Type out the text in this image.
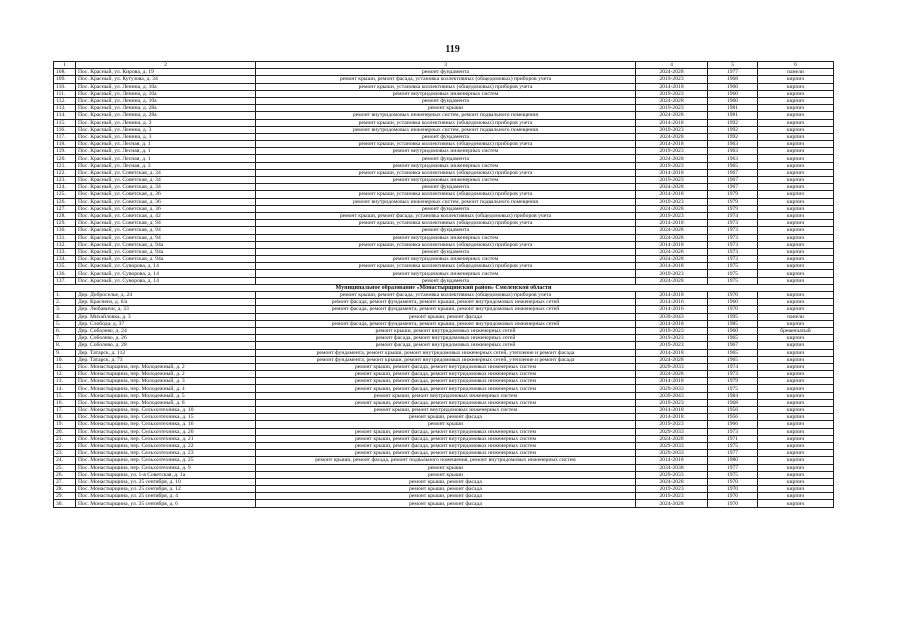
119
1	2	3	4	5	6
108.	Пос. Красный, ул. Кирова, д. 19	ремонт фундамента	2024-2028	1977	панели
109.	Пос. Красный, ул. Кутузова, д. 34	ремонт крыши, ремонт фасада, установка коллективных (общедомовых) приборов учета	2019-2023	1968	кирпич
110.	Пос. Красный, ул. Ленина, д. 10а	ремонт крыши, установка коллективных (общедомовых) приборов учета	2014-2018	1960	кирпич
111.	Пос. Красный, ул. Ленина, д. 10а	ремонт внутридомовых инженерных систем	2019-2023	1960	кирпич
112.	Пос. Красный, ул. Ленина, д. 10а	ремонт фундамента	2024-2028	1960	кирпич
113.	Пос. Красный, ул. Ленина, д. 28а	ремонт крыши	2019-2023	1981	кирпич
114.	Пос. Красный, ул. Ленина, д. 28а	ремонт внутридомовых инженерных систем, ремонт подвального помещения	2024-2028	1981	кирпич
115.	Пос. Красный, ул. Ленина, д. 3	ремонт крыши, установка коллективных (общедомовых) приборов учета	2014-2018	1992	кирпич
116.	Пос. Красный, ул. Ленина, д. 3	ремонт внутридомовых инженерных систем, ремонт подвального помещения	2019-2023	1992	кирпич
117.	Пос. Красный, ул. Ленина, д. 3	ремонт фундамента	2024-2028	1992	кирпич
118.	Пос. Красный, ул. Лесная, д. 1	ремонт крыши, установка коллективных (общедомовых) приборов учета	2014-2018	1963	кирпич
119.	Пос. Красный, ул. Лесная, д. 1	ремонт внутридомовых инженерных систем	2019-2023	1963	кирпич
120.	Пос. Красный, ул. Лесная, д. 1	ремонт фундамента	2024-2028	1963	кирпич
121.	Пос. Красный, ул. Лесная, д. 3	ремонт внутридомовых инженерных систем	2019-2023	1965	кирпич
122.	Пос. Красный, ул. Советская, д. 34	ремонт крыши, установка коллективных (общедомовых) приборов учета	2014-2018	1967	кирпич
123.	Пос. Красный, ул. Советская, д. 34	ремонт внутридомовых инженерных систем	2019-2023	1967	кирпич
124.	Пос. Красный, ул. Советская, д. 34	ремонт фундамента	2024-2028	1967	кирпич
125.	Пос. Красный, ул. Советская, д. 36	ремонт крыши, установка коллективных (общедомовых) приборов учета	2014-2018	1979	кирпич
126.	Пос. Красный, ул. Советская, д. 36	ремонт внутридомовых инженерных систем, ремонт подвального помещения	2019-2023	1979	кирпич
127.	Пос. Красный, ул. Советская, д. 36	ремонт фундамента	2024-2028	1979	кирпич
128.	Пос. Красный, ул. Советская, д. 42	ремонт крыши, ремонт фасада, установка коллективных (общедомовых) приборов учета	2019-2023	1974	кирпич
129.	Пос. Красный, ул. Советская, д. 94	ремонт крыши, установка коллективных (общедомовых) приборов учета	2014-2018	1973	кирпич
130.	Пос. Красный, ул. Советская, д. 94	ремонт фундамента	2024-2028	1973	кирпич
131.	Пос. Красный, ул. Советская, д. 94	ремонт внутридомовых инженерных систем	2024-2028	1973	кирпич
132.	Пос. Красный, ул. Советская, д. 94а	ремонт крыши, установка коллективных (общедомовых) приборов учета	2014-2018	1973	кирпич
133.	Пос. Красный, ул. Советская, д. 94а	ремонт фундамента	2024-2028	1973	кирпич
134.	Пос. Красный, ул. Советская, д. 94а	ремонт внутридомовых инженерных систем	2024-2028	1973	кирпич
135.	Пос. Красный, ул. Суворова, д. 14	ремонт крыши, установка коллективных (общедомовых) приборов учета	2014-2018	1975	кирпич
136.	Пос. Красный, ул. Суворова, д. 14	ремонт внутридомовых инженерных систем	2019-2023	1975	кирпич
137.	Пос. Красный, ул. Суворова, д. 14	ремонт фундамента	2024-2028	1975	кирпич
Муниципальное образование «Монастырщинский район» Смоленской области					
1.	Дер. Доброселье, д. 24	ремонт крыши, ремонт фасада, установка коллективных (общедомовых) приборов учета	2014-2018	1970	кирпич
2.	Дер. Краснеиз, д. 6/а	ремонт фасада, ремонт фундамента, ремонт крыши, ремонт внутридомовых инженерных сетей	2014-2016	1960	кирпич
3.	Дер. Любавичи, д. 33	ремонт фасада, ремонт фундамента, ремонт крыши, ремонт внутридомовых инженерных сетей	2014-2016	1970	кирпич
4.	Дер. Михайловка, д. 3	ремонт крыши, ремонт фасада	2039-2043	1995	панели
5.	Дер. Слобода, д. 37	ремонт фасада, ремонт фундамента, ремонт крыши, ремонт внутридомовых инженерных сетей	2014-2018	1985	кирпич
6.	Дер. Соболево, д. 24	ремонт крыши, ремонт внутридомовых инженерных сетей	2019-2023	1960	бревенчатый
7.	Дер. Соболево, д. 26	ремонт фасада, ремонт внутридомовых инженерных сетей	2019-2023	1965	кирпич
8.	Дер. Соболево, д. 28	ремонт фасада, ремонт внутридомовых инженерных сетей	2019-2023	1967	кирпич
9.	Дер. Татарск, д. 112	ремонт фундамента, ремонт крыши, ремонт внутридомовых инженерных сетей, утепление и ремонт фасада	2014-2018	1965	кирпич
10.	Дер. Татарск, д. 73	ремонт фундамента, ремонт крыши, ремонт внутридомовых инженерных сетей, утепление и ремонт фасада	2024-2028	1965	кирпич
11.	Пос. Монастырщина, пер. Молодежный, д. 2	ремонт крыши, ремонт фасада, ремонт внутридомовых инженерных систем	2029-2033	1974	кирпич
12.	Пос. Монастырщина, пер. Молодежный, д. 2	ремонт крыши, ремонт фасада, ремонт внутридомовых инженерных систем	2024-2028	1973	кирпич
13.	Пос. Монастырщина, пер. Молодежный, д. 3	ремонт крыши, ремонт фасада, ремонт внутридомовых инженерных систем	2014-2018	1979	кирпич
14.	Пос. Монастырщина, пер. Молодежный, д. 4	ремонт крыши, ремонт фасада, ремонт внутридомовых инженерных систем	2029-2033	1975	кирпич
15.	Пос. Монастырщина, пер. Молодежный, д. 5	ремонт крыши, ремонт внутридомовых инженерных систем	2039-2043	1984	кирпич
16.	Пос. Монастырщина, пер. Молодежный, д. 8	ремонт крыши, ремонт фасада, ремонт внутридомовых инженерных систем	2019-2023	1968	кирпич
17.	Пос. Монастырщина, пер. Сельхозтехника, д. 10	ремонт крыши, ремонт внутридомовых инженерных систем	2014-2018	1956	кирпич
18.	Пос. Монастырщина, пер. Сельхозтехника, д. 15	ремонт крыши, ремонт фасада	2014-2018	1956	кирпич
19.	Пос. Монастырщина, пер. Сельхозтехника, д. 16	ремонт крыши	2019-2023	1966	кирпич
20.	Пос. Монастырщина, пер. Сельхозтехника, д. 20	ремонт крыши, ремонт фасада, ремонт внутридомовых инженерных систем	2029-2033	1973	кирпич
21.	Пос. Монастырщина, пер. Сельхозтехника, д. 21	ремонт крыши, ремонт фасада, ремонт внутридомовых инженерных систем	2024-2028	1971	кирпич
22.	Пос. Монастырщина, пер. Сельхозтехника, д. 22	ремонт крыши, ремонт фасада, ремонт внутридомовых инженерных систем	2029-2033	1975	кирпич
23.	Пос. Монастырщина, пер. Сельхозтехника, д. 23	ремонт крыши, ремонт фасада, ремонт внутридомовых инженерных систем	2029-2033	1977	кирпич
24.	Пос. Монастырщина, пер. Сельхозтехника, д. 25	ремонт крыши, ремонт фасада, ремонт подвального помещения, ремонт внутридомовых инженерных систем	2014-2018	1980	кирпич
25.	Пос. Монастырщина, пер. Сельхозтехника, д. 9	ремонт крыши	2034-2038	1977	кирпич
26.	Пос. Монастырщина, ул. 1-я Советская, д. 1а	ремонт крыши	2029-2033	1975	кирпич
27.	Пос. Монастырщина, ул. 25 сентября, д. 10	ремонт крыши, ремонт фасада	2024-2028	1970	кирпич
28.	Пос. Монастырщина, ул. 25 сентября, д. 12	ремонт крыши, ремонт фасада	2019-2023	1970	кирпич
29.	Пос. Монастырщина, ул. 25 сентября, д. 4	ремонт крыши, ремонт фасада	2019-2023	1970	кирпич
30.	Пос. Монастырщина, ул. 25 сентября, д. 6	ремонт крыши, ремонт фасада	2024-2028	1970	кирпич
